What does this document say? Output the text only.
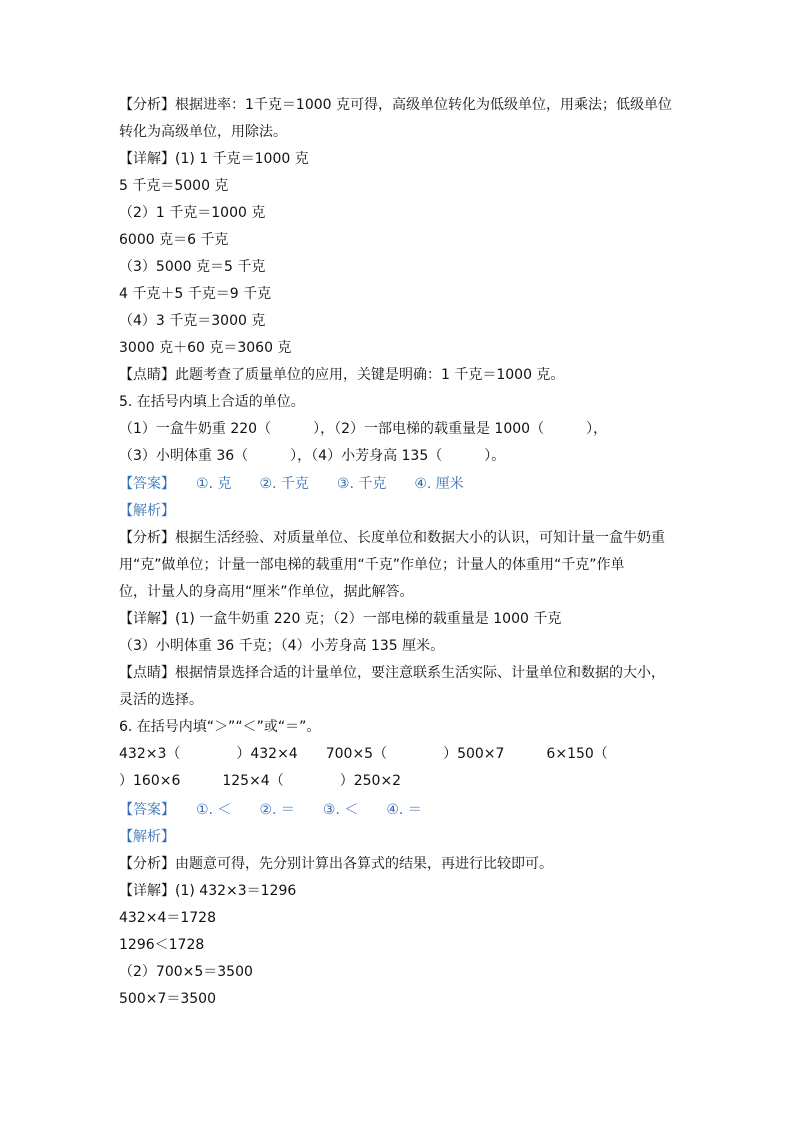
【分析】根据进率：1千克＝1000 克可得，高级单位转化为低级单位，用乘法；低级单位
转化为高级单位，用除法。
【详解】(1) 1 千克＝1000 克
5 千克＝5000 克
（2）1 千克＝1000 克
6000 克＝6 千克
（3）5000 克＝5 千克
4 千克＋5 千克＝9 千克
（4）3 千克＝3000 克
3000 克＋60 克＝3060 克
【点睛】此题考查了质量单位的应用，关键是明确：1 千克＝1000 克。
5. 在括号内填上合适的单位。
（1）一盒牛奶重 220（　　　），（2）一部电梯的载重量是 1000（　　　），
（3）小明体重 36（　　　），（4）小芳身高 135（　　　）。
【答案】　　①. 克　　②. 千克　　③. 千克　　④. 厘米
【解析】
【分析】根据生活经验、对质量单位、长度单位和数据大小的认识，可知计量一盒牛奶重
用“克”做单位；计量一部电梯的载重用“千克”作单位；计量人的体重用“千克”作单
位，计量人的身高用“厘米”作单位，据此解答。
【详解】(1) 一盒牛奶重 220 克；（2）一部电梯的载重量是 1000 千克
（3）小明体重 36 千克；（4）小芳身高 135 厘米。
【点睛】根据情景选择合适的计量单位，要注意联系生活实际、计量单位和数据的大小，
灵活的选择。
6. 在括号内填“＞”“＜”或“＝”。
432×3（　　　　）432×4　　700×5（　　　　）500×7　　　6×150（
）160×6　　　125×4（　　　　）250×2
【答案】　　①. ＜　　②. ＝　　③. ＜　　④. ＝
【解析】
【分析】由题意可得，先分别计算出各算式的结果，再进行比较即可。
【详解】(1) 432×3＝1296
432×4＝1728
1296＜1728
（2）700×5＝3500
500×7＝3500
